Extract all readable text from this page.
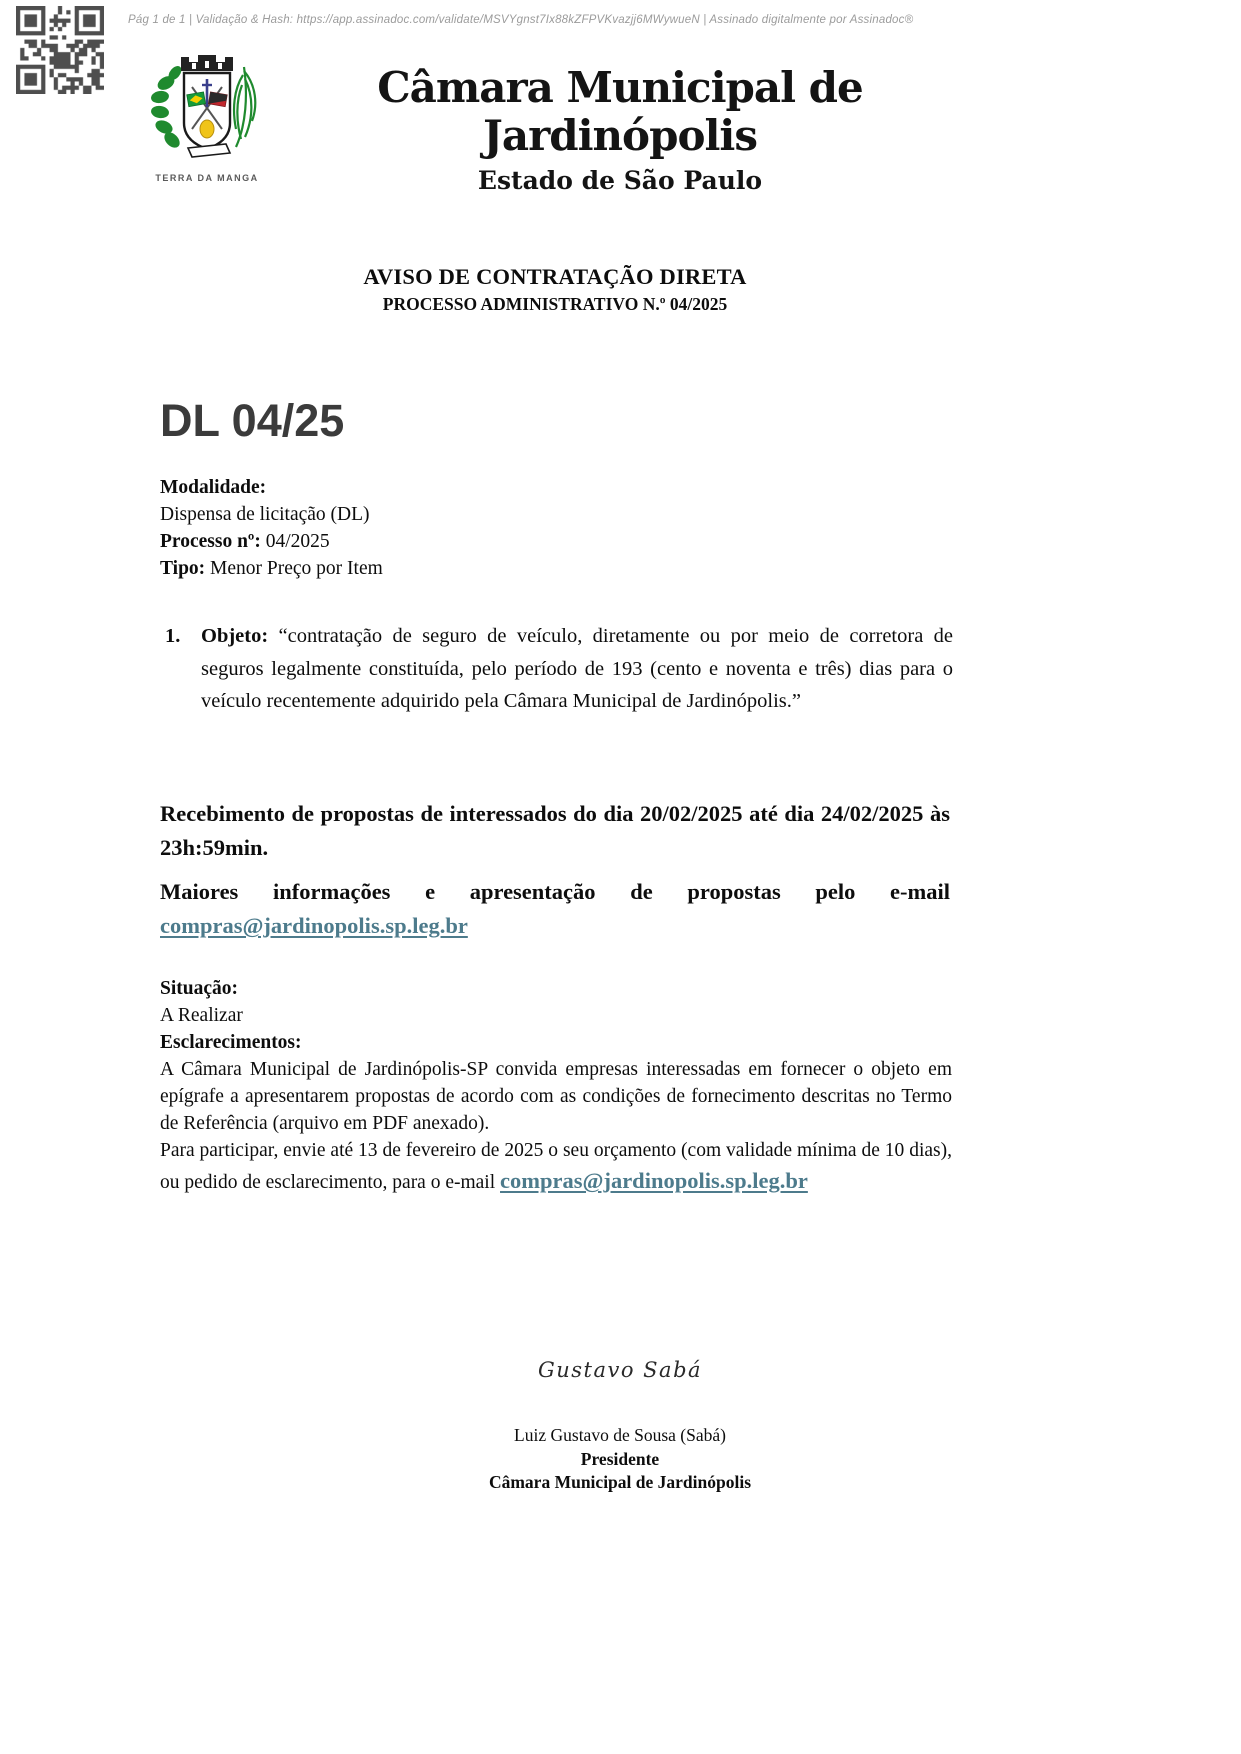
Pág 1 de 1 | Validação & Hash: https://app.assinadoc.com/validate/MSVYgnst7Ix88kZFPVKvazjj6MWywueN | Assinado digitalmente por Assinadoc®
TERRA DA MANGA
Câmara Municipal de Jardinópolis
Estado de São Paulo
AVISO DE CONTRATAÇÃO DIRETA
PROCESSO ADMINISTRATIVO N.º 04/2025
DL 04/25
Modalidade:
Dispensa de licitação (DL)
Processo nº: 04/2025
Tipo: Menor Preço por Item
1.	Objeto: “contratação de seguro de veículo, diretamente ou por meio de corretora de seguros legalmente constituída, pelo período de 193 (cento e noventa e três) dias para o veículo recentemente adquirido pela Câmara Municipal de Jardinópolis.”

Recebimento de propostas de interessados do dia 20/02/2025 até dia 24/02/2025 às 23h:59min.

Maiores informações e apresentação de propostas pelo e-mail compras@jardinopolis.sp.leg.br

Situação:
A Realizar
Esclarecimentos:

A Câmara Municipal de Jardinópolis-SP convida empresas interessadas em fornecer o objeto em epígrafe a apresentarem propostas de acordo com as condições de fornecimento descritas no Termo de Referência (arquivo em PDF anexado).

Para participar, envie até 13 de fevereiro de 2025 o seu orçamento (com validade mínima de 10 dias), ou pedido de esclarecimento, para o e-mail compras@jardinopolis.sp.leg.br

Gustavo Sabá
Luiz Gustavo de Sousa (Sabá)
Presidente
Câmara Municipal de Jardinópolis
